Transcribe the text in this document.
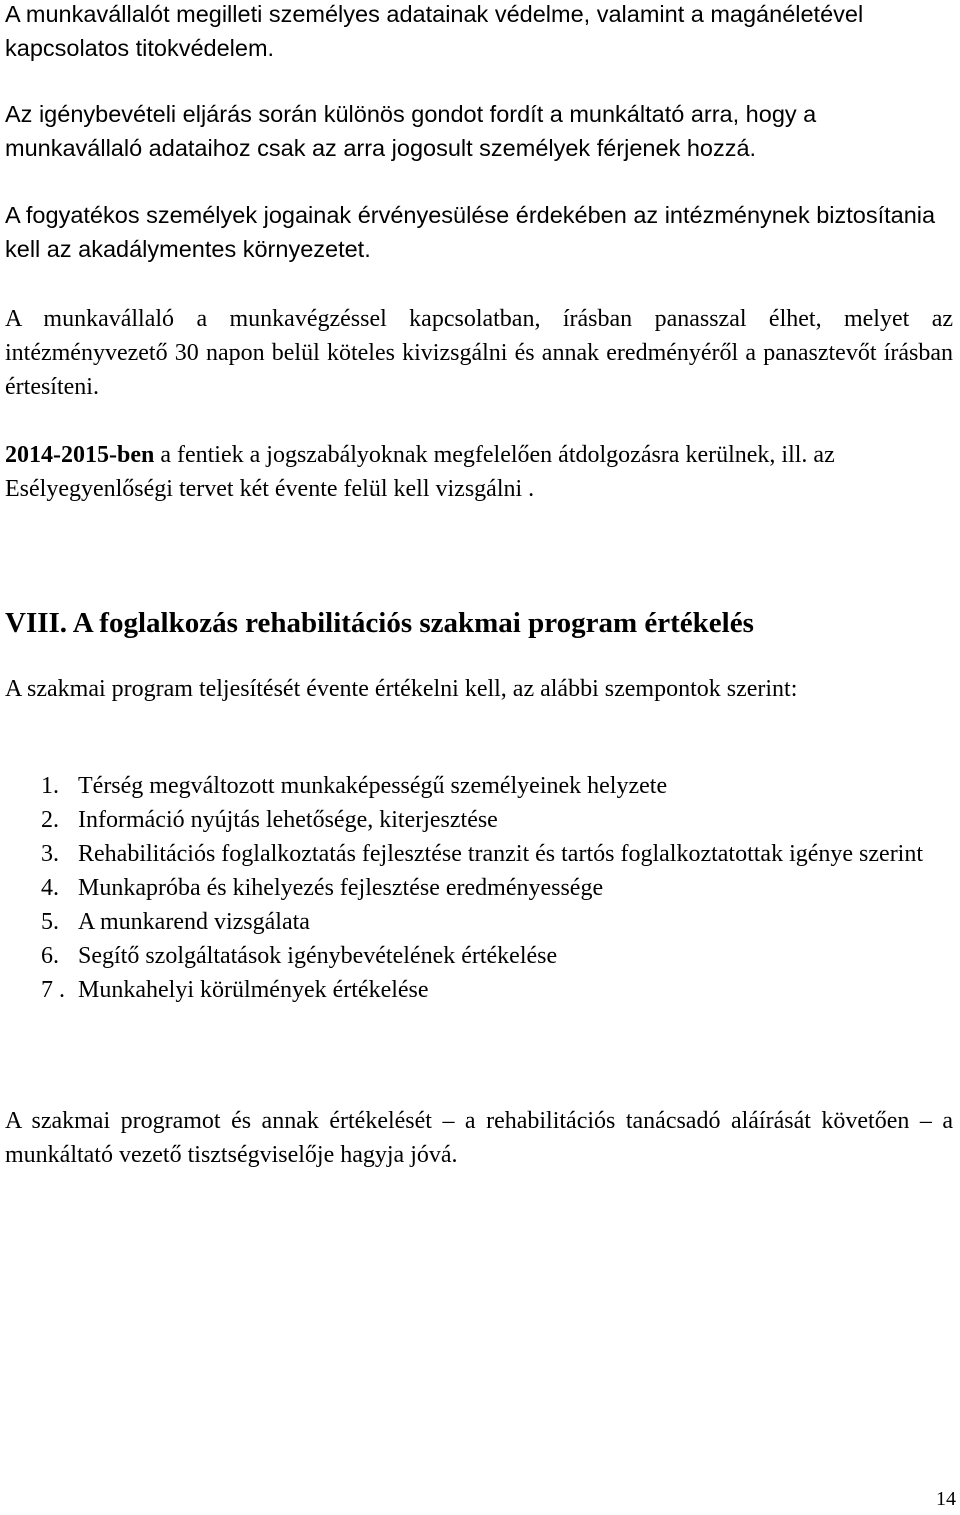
A munkavállalót megilleti személyes adatainak védelme, valamint a magánéletével kapcsolatos titokvédelem.

Az igénybevételi eljárás során különös gondot fordít a munkáltató arra, hogy a munkavállaló adataihoz csak az arra jogosult személyek férjenek hozzá.

A fogyatékos személyek jogainak érvényesülése érdekében az intézménynek biztosítania kell az akadálymentes környezetet.

A munkavállaló a munkavégzéssel kapcsolatban, írásban panasszal élhet, melyet az intézményvezető 30 napon belül köteles kivizsgálni és annak eredményéről a panasztevőt írásban értesíteni.

2014-2015-ben a fentiek a jogszabályoknak megfelelően átdolgozásra kerülnek, ill. az Esélyegyenlőségi tervet két évente felül kell vizsgálni .

VIII. A foglalkozás rehabilitációs szakmai program értékelés

A szakmai program teljesítését évente értékelni kell, az alábbi szempontok szerint:

1. Térség megváltozott munkaképességű személyeinek helyzete
2. Információ nyújtás lehetősége, kiterjesztése
3. Rehabilitációs foglalkoztatás fejlesztése tranzit és tartós foglalkoztatottak igénye szerint
4. Munkapróba és kihelyezés fejlesztése eredményessége
5. A munkarend vizsgálata
6. Segítő szolgáltatások igénybevételének értékelése
7 . Munkahelyi körülmények értékelése

A szakmai programot és annak értékelését – a rehabilitációs tanácsadó aláírását követően – a munkáltató vezető tisztségviselője hagyja jóvá.

14
